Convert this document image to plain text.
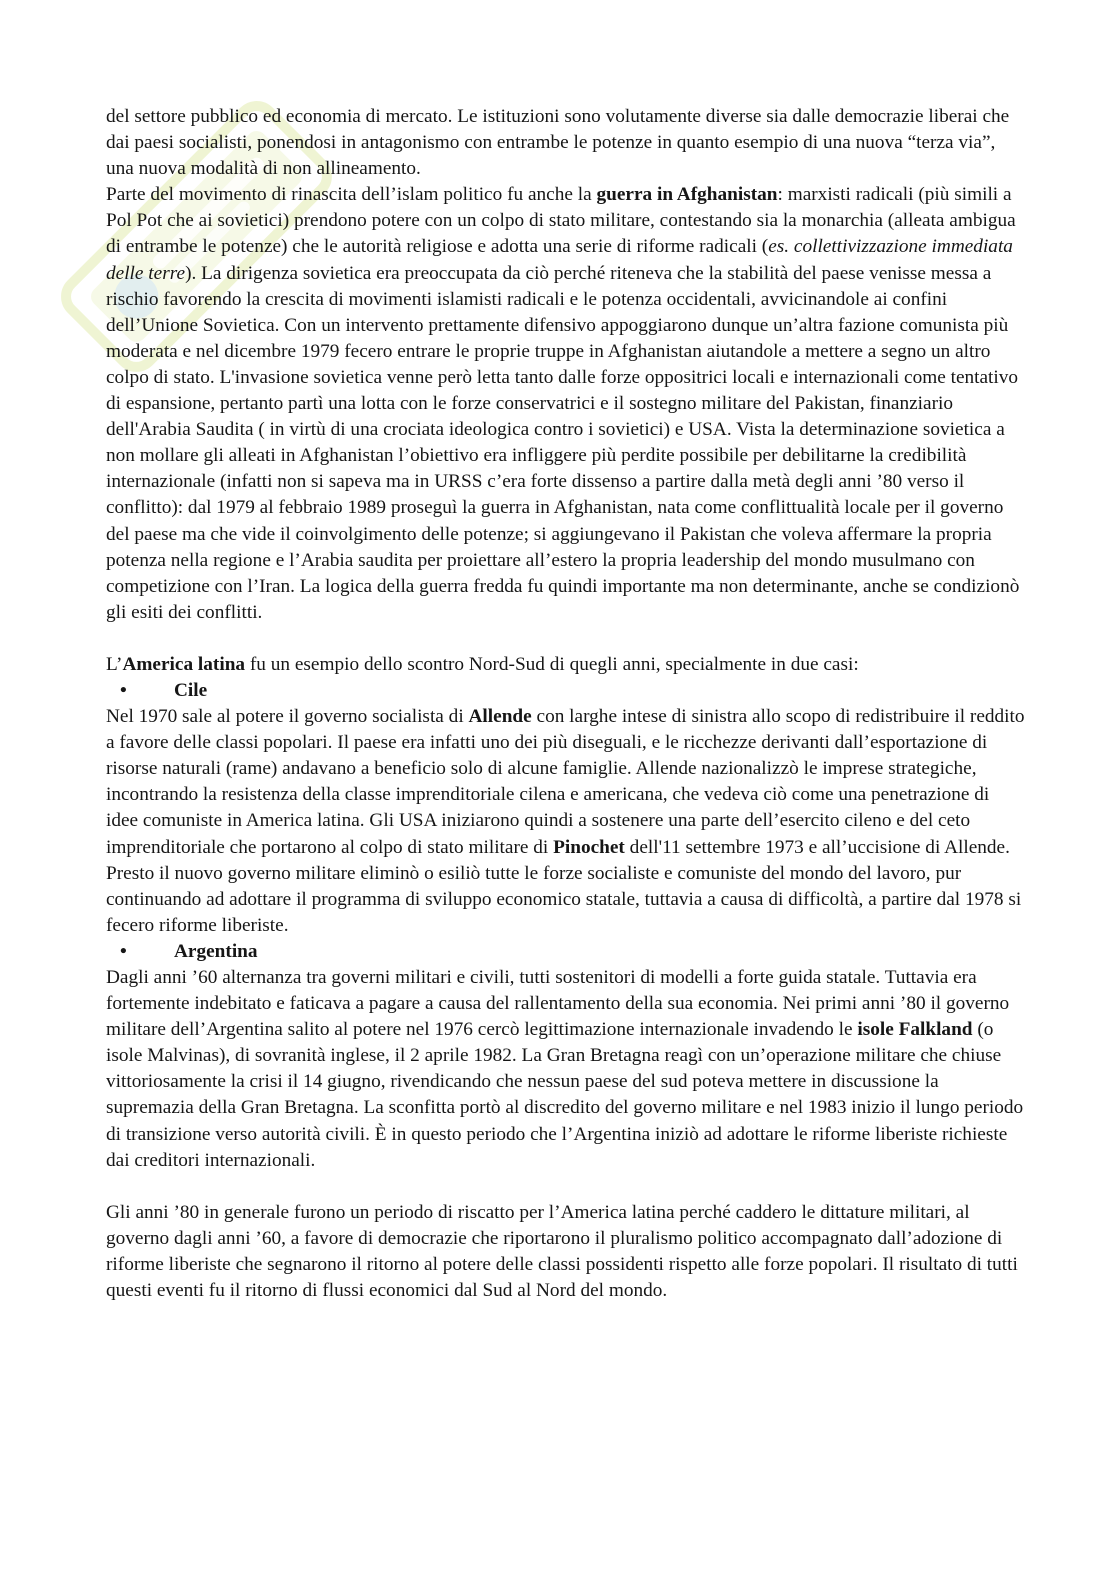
del settore pubblico ed economia di mercato. Le istituzioni sono volutamente diverse sia dalle democrazie liberai che dai paesi socialisti, ponendosi in antagonismo con entrambe le potenze in quanto esempio di una nuova “terza via”, una nuova modalità di non allineamento.

Parte del movimento di rinascita dell’islam politico fu anche la guerra in Afghanistan: marxisti radicali (più simili a Pol Pot che ai sovietici) prendono potere con un colpo di stato militare, contestando sia la monarchia (alleata ambigua di entrambe le potenze) che le autorità religiose e adotta una serie di riforme radicali (es. collettivizzazione immediata delle terre). La dirigenza sovietica era preoccupata da ciò perché riteneva che la stabilità del paese venisse messa a rischio favorendo la crescita di movimenti islamisti radicali e le potenza occidentali, avvicinandole ai confini dell’Unione Sovietica. Con un intervento prettamente difensivo appoggiarono dunque un’altra fazione comunista più moderata e nel dicembre 1979 fecero entrare le proprie truppe in Afghanistan aiutandole a mettere a segno un altro colpo di stato. L'invasione sovietica venne però letta tanto dalle forze oppositrici locali e internazionali come tentativo di espansione, pertanto partì una lotta con le forze conservatrici e il sostegno militare del Pakistan, finanziario dell'Arabia Saudita ( in virtù di una crociata ideologica contro i sovietici) e USA. Vista la determinazione sovietica a non mollare gli alleati in Afghanistan l’obiettivo era infliggere più perdite possibile per debilitarne la credibilità internazionale (infatti non si sapeva ma in URSS c’era forte dissenso a partire dalla metà degli anni ’80 verso il conflitto): dal 1979 al febbraio 1989 proseguì la guerra in Afghanistan, nata come conflittualità locale per il governo del paese ma che vide il coinvolgimento delle potenze; si aggiungevano il Pakistan che voleva affermare la propria potenza nella regione e l’Arabia saudita per proiettare all’estero la propria leadership del mondo musulmano con competizione con l’Iran. La logica della guerra fredda fu quindi importante ma non determinante, anche se condizionò gli esiti dei conflitti.

L’America latina fu un esempio dello scontro Nord-Sud di quegli anni, specialmente in due casi:

•	Cile

Nel 1970 sale al potere il governo socialista di Allende con larghe intese di sinistra allo scopo di redistribuire il reddito a favore delle classi popolari. Il paese era infatti uno dei più diseguali, e le ricchezze derivanti dall’esportazione di risorse naturali (rame) andavano a beneficio solo di alcune famiglie. Allende nazionalizzò le imprese strategiche, incontrando la resistenza della classe imprenditoriale cilena e americana, che vedeva ciò come una penetrazione di idee comuniste in America latina. Gli USA iniziarono quindi a sostenere una parte dell’esercito cileno e del ceto imprenditoriale che portarono al colpo di stato militare di Pinochet dell'11 settembre 1973 e all’uccisione di Allende. Presto il nuovo governo militare eliminò o esiliò tutte le forze socialiste e comuniste del mondo del lavoro, pur continuando ad adottare il programma di sviluppo economico statale, tuttavia a causa di difficoltà, a partire dal 1978 si fecero riforme liberiste.

•	Argentina

Dagli anni ’60 alternanza tra governi militari e civili, tutti sostenitori di modelli a forte guida statale. Tuttavia era fortemente indebitato e faticava a pagare a causa del rallentamento della sua economia. Nei primi anni ’80 il governo militare dell’Argentina salito al potere nel 1976 cercò legittimazione internazionale invadendo le isole Falkland (o isole Malvinas), di sovranità inglese, il 2 aprile 1982. La Gran Bretagna reagì con un’operazione militare che chiuse vittoriosamente la crisi il 14 giugno, rivendicando che nessun paese del sud poteva mettere in discussione la supremazia della Gran Bretagna. La sconfitta portò al discredito del governo militare e nel 1983 inizio il lungo periodo di transizione verso autorità civili. È in questo periodo che l’Argentina iniziò ad adottare le riforme liberiste richieste dai creditori internazionali.

Gli anni ’80 in generale furono un periodo di riscatto per l’America latina perché caddero le dittature militari, al governo dagli anni ’60, a favore di democrazie che riportarono il pluralismo politico accompagnato dall’adozione di riforme liberiste che segnarono il ritorno al potere delle classi possidenti rispetto alle forze popolari. Il risultato di tutti questi eventi fu il ritorno di flussi economici dal Sud al Nord del mondo.
